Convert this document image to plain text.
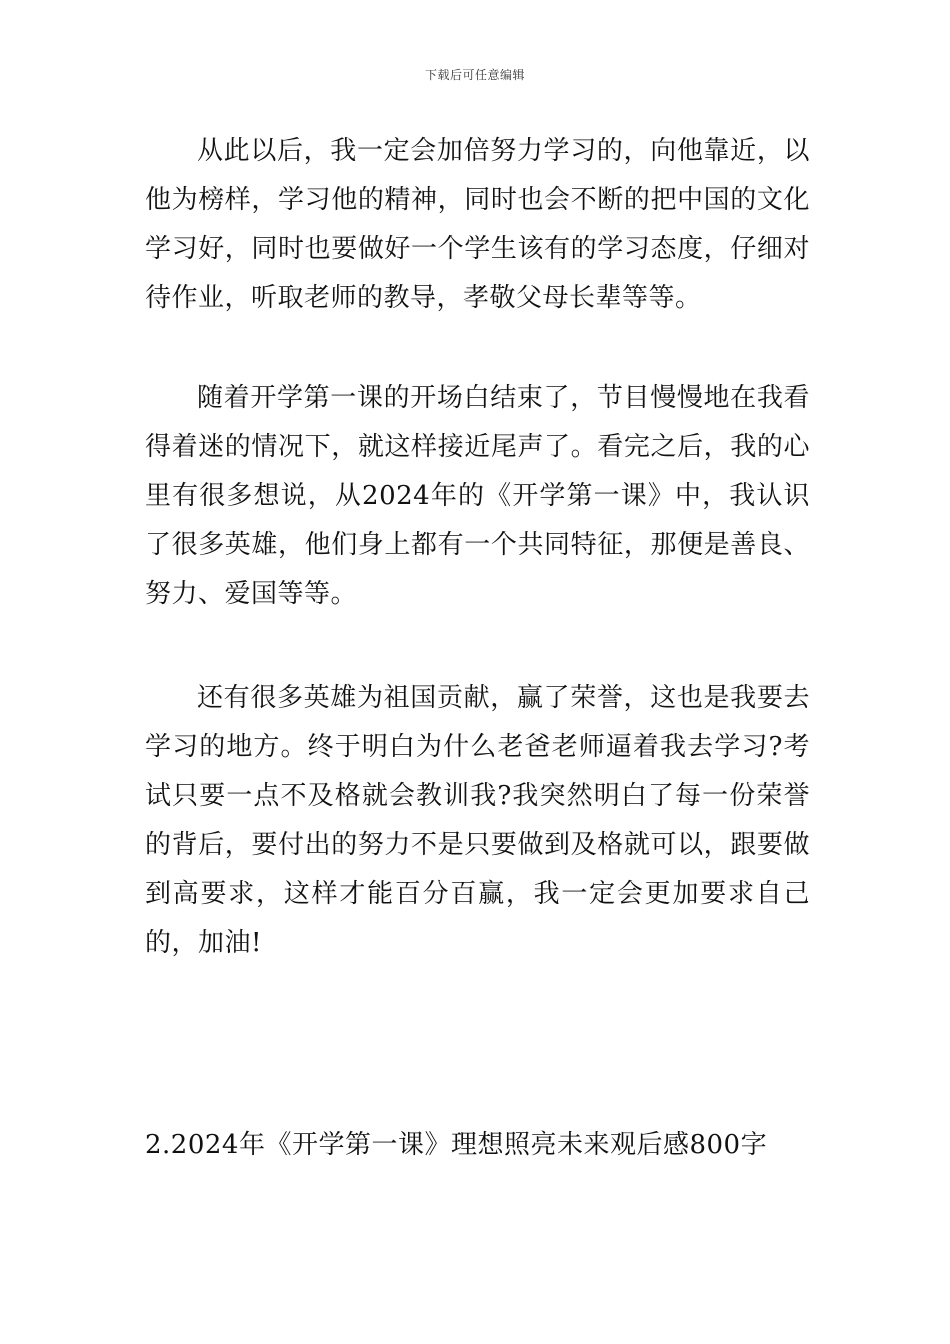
下载后可任意编辑

从此以后，我一定会加倍努力学习的，向他靠近，以他为榜样，学习他的精神，同时也会不断的把中国的文化学习好，同时也要做好一个学生该有的学习态度，仔细对待作业，听取老师的教导，孝敬父母长辈等等。

随着开学第一课的开场白结束了，节目慢慢地在我看得着迷的情况下，就这样接近尾声了。看完之后，我的心里有很多想说，从2024年的《开学第一课》中，我认识了很多英雄，他们身上都有一个共同特征，那便是善良、努力、爱国等等。

还有很多英雄为祖国贡献，赢了荣誉，这也是我要去学习的地方。终于明白为什么老爸老师逼着我去学习?考试只要一点不及格就会教训我?我突然明白了每一份荣誉的背后，要付出的努力不是只要做到及格就可以，跟要做到高要求，这样才能百分百赢，我一定会更加要求自己的，加油!

2.2024年《开学第一课》理想照亮未来观后感800字
